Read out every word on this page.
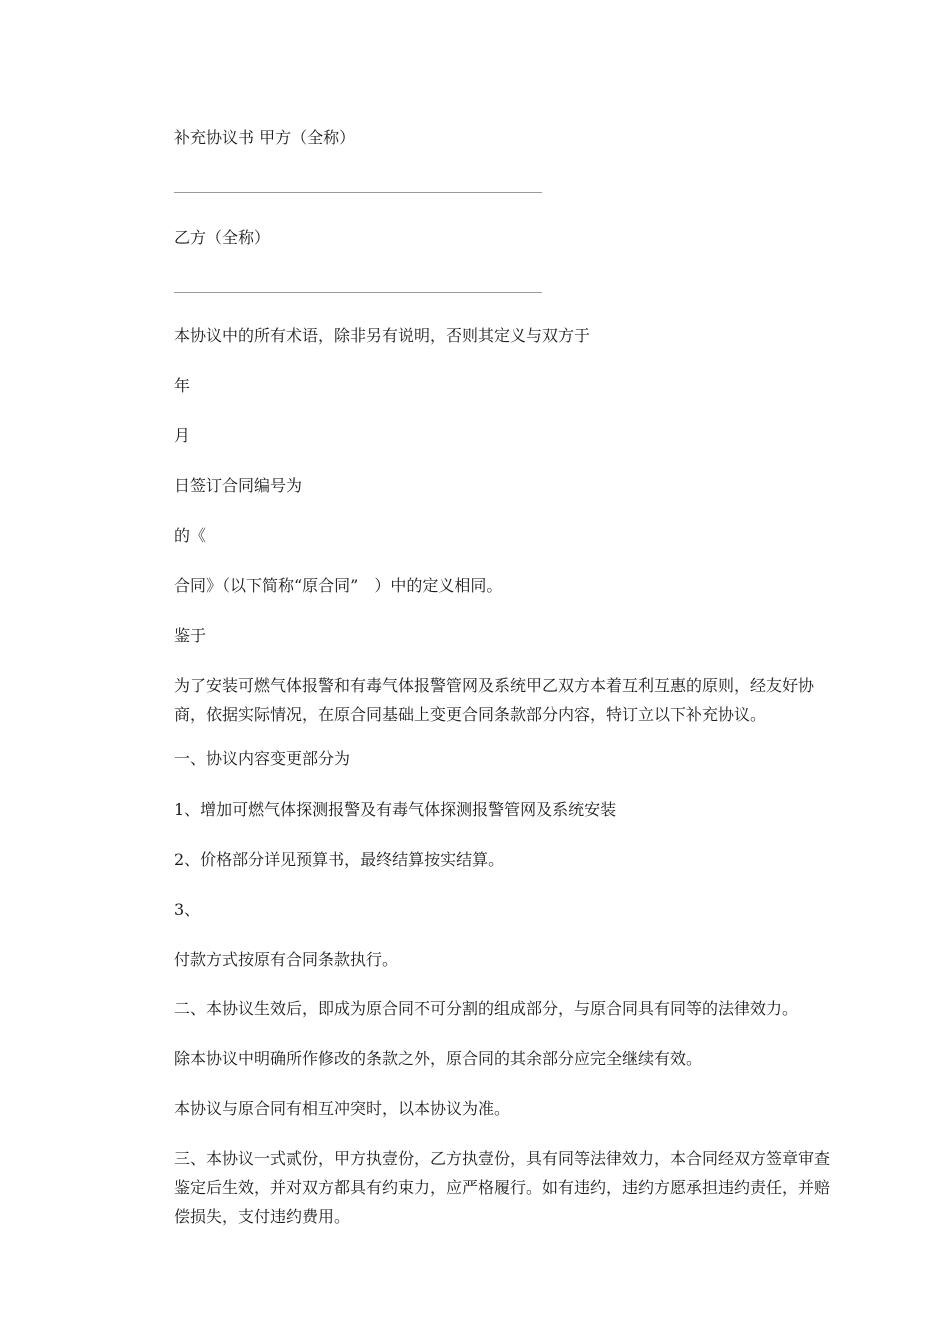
补充协议书 甲方（全称）
乙方（全称）
本协议中的所有术语，除非另有说明，否则其定义与双方于
年
月
日签订合同编号为
的《
合同》（以下简称“原合同”　）中的定义相同。
鉴于
为了安装可燃气体报警和有毒气体报警管网及系统甲乙双方本着互利互惠的原则，经友好协商，依据实际情况，在原合同基础上变更合同条款部分内容，特订立以下补充协议。
一、协议内容变更部分为
1、增加可燃气体探测报警及有毒气体探测报警管网及系统安装
2、价格部分详见预算书，最终结算按实结算。
3、
付款方式按原有合同条款执行。
二、本协议生效后，即成为原合同不可分割的组成部分，与原合同具有同等的法律效力。
除本协议中明确所作修改的条款之外，原合同的其余部分应完全继续有效。
本协议与原合同有相互冲突时，以本协议为准。
三、本协议一式贰份，甲方执壹份，乙方执壹份，具有同等法律效力，本合同经双方签章审查鉴定后生效，并对双方都具有约束力，应严格履行。如有违约，违约方愿承担违约责任，并赔偿损失，支付违约费用。
